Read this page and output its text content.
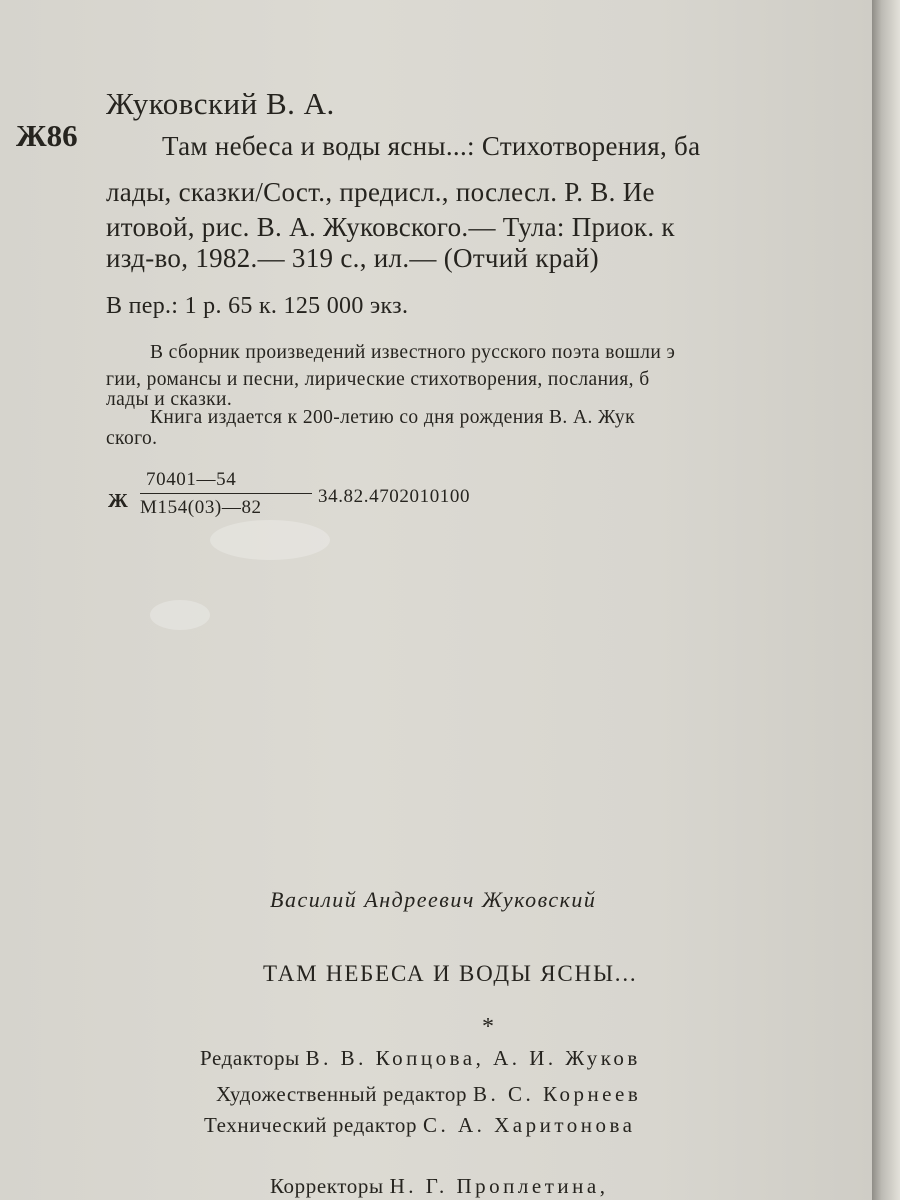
Жуковский В. А.
Ж86	Там небеса и воды ясны...: Стихотворения, ба
лады, сказки/Сост., предисл., послесл. Р. В. Ие
итовой, рис. В. А. Жуковского.— Тула: Приок. к
изд-во, 1982.— 319 с., ил.— (Отчий край)
В пер.: 1 р. 65 к. 125 000 экз.
В сборник произведений известного русского поэта вошли э
гии, романсы и песни, лирические стихотворения, послания, б
лады и сказки.
Книга издается к 200-летию со дня рождения В. А. Жук
ского.
Ж
70401—54
М154(03)—82
34.82.4702010100
Василий Андреевич Жуковский
ТАМ НЕБЕСА И ВОДЫ ЯСНЫ...
*
Редакторы В. В. Копцова, А. И. Жуков
Художественный редактор В. С. Корнеев
Технический редактор С. А. Харитонова
Корректоры Н. Г. Проплетина,
